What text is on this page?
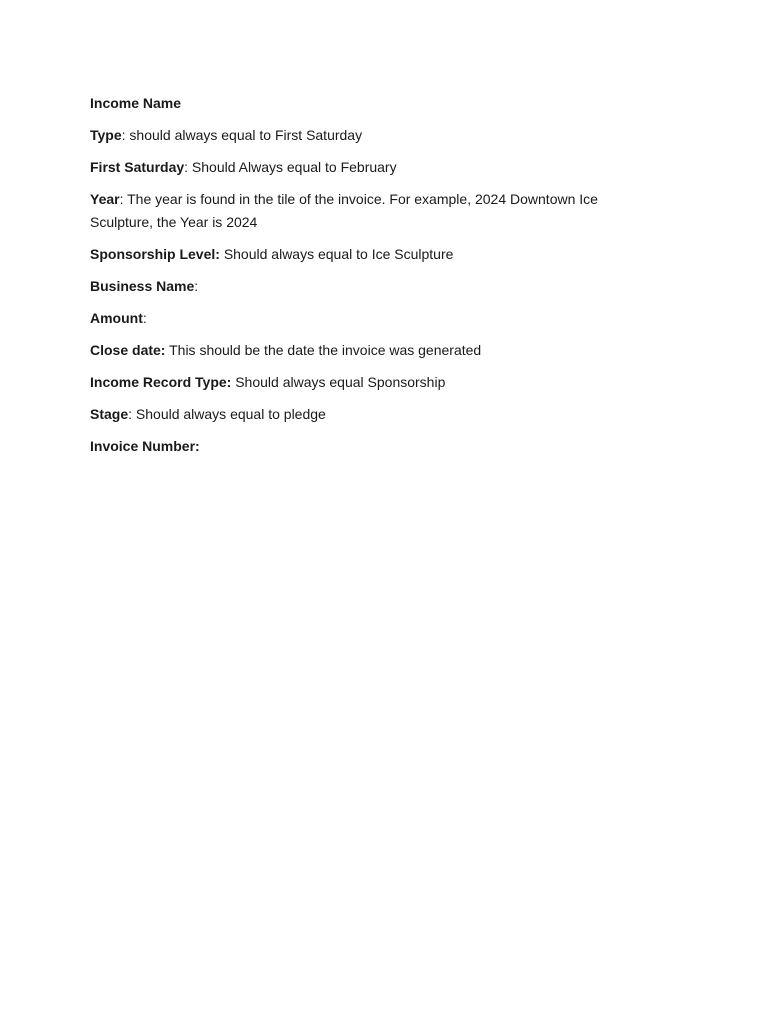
Income Name

Type: should always equal to First Saturday

First Saturday: Should Always equal to February

Year: The year is found in the tile of the invoice. For example, 2024 Downtown Ice Sculpture, the Year is 2024

Sponsorship Level: Should always equal to Ice Sculpture

Business Name:

Amount:

Close date: This should be the date the invoice was generated

Income Record Type: Should always equal Sponsorship

Stage: Should always equal to pledge

Invoice Number:
